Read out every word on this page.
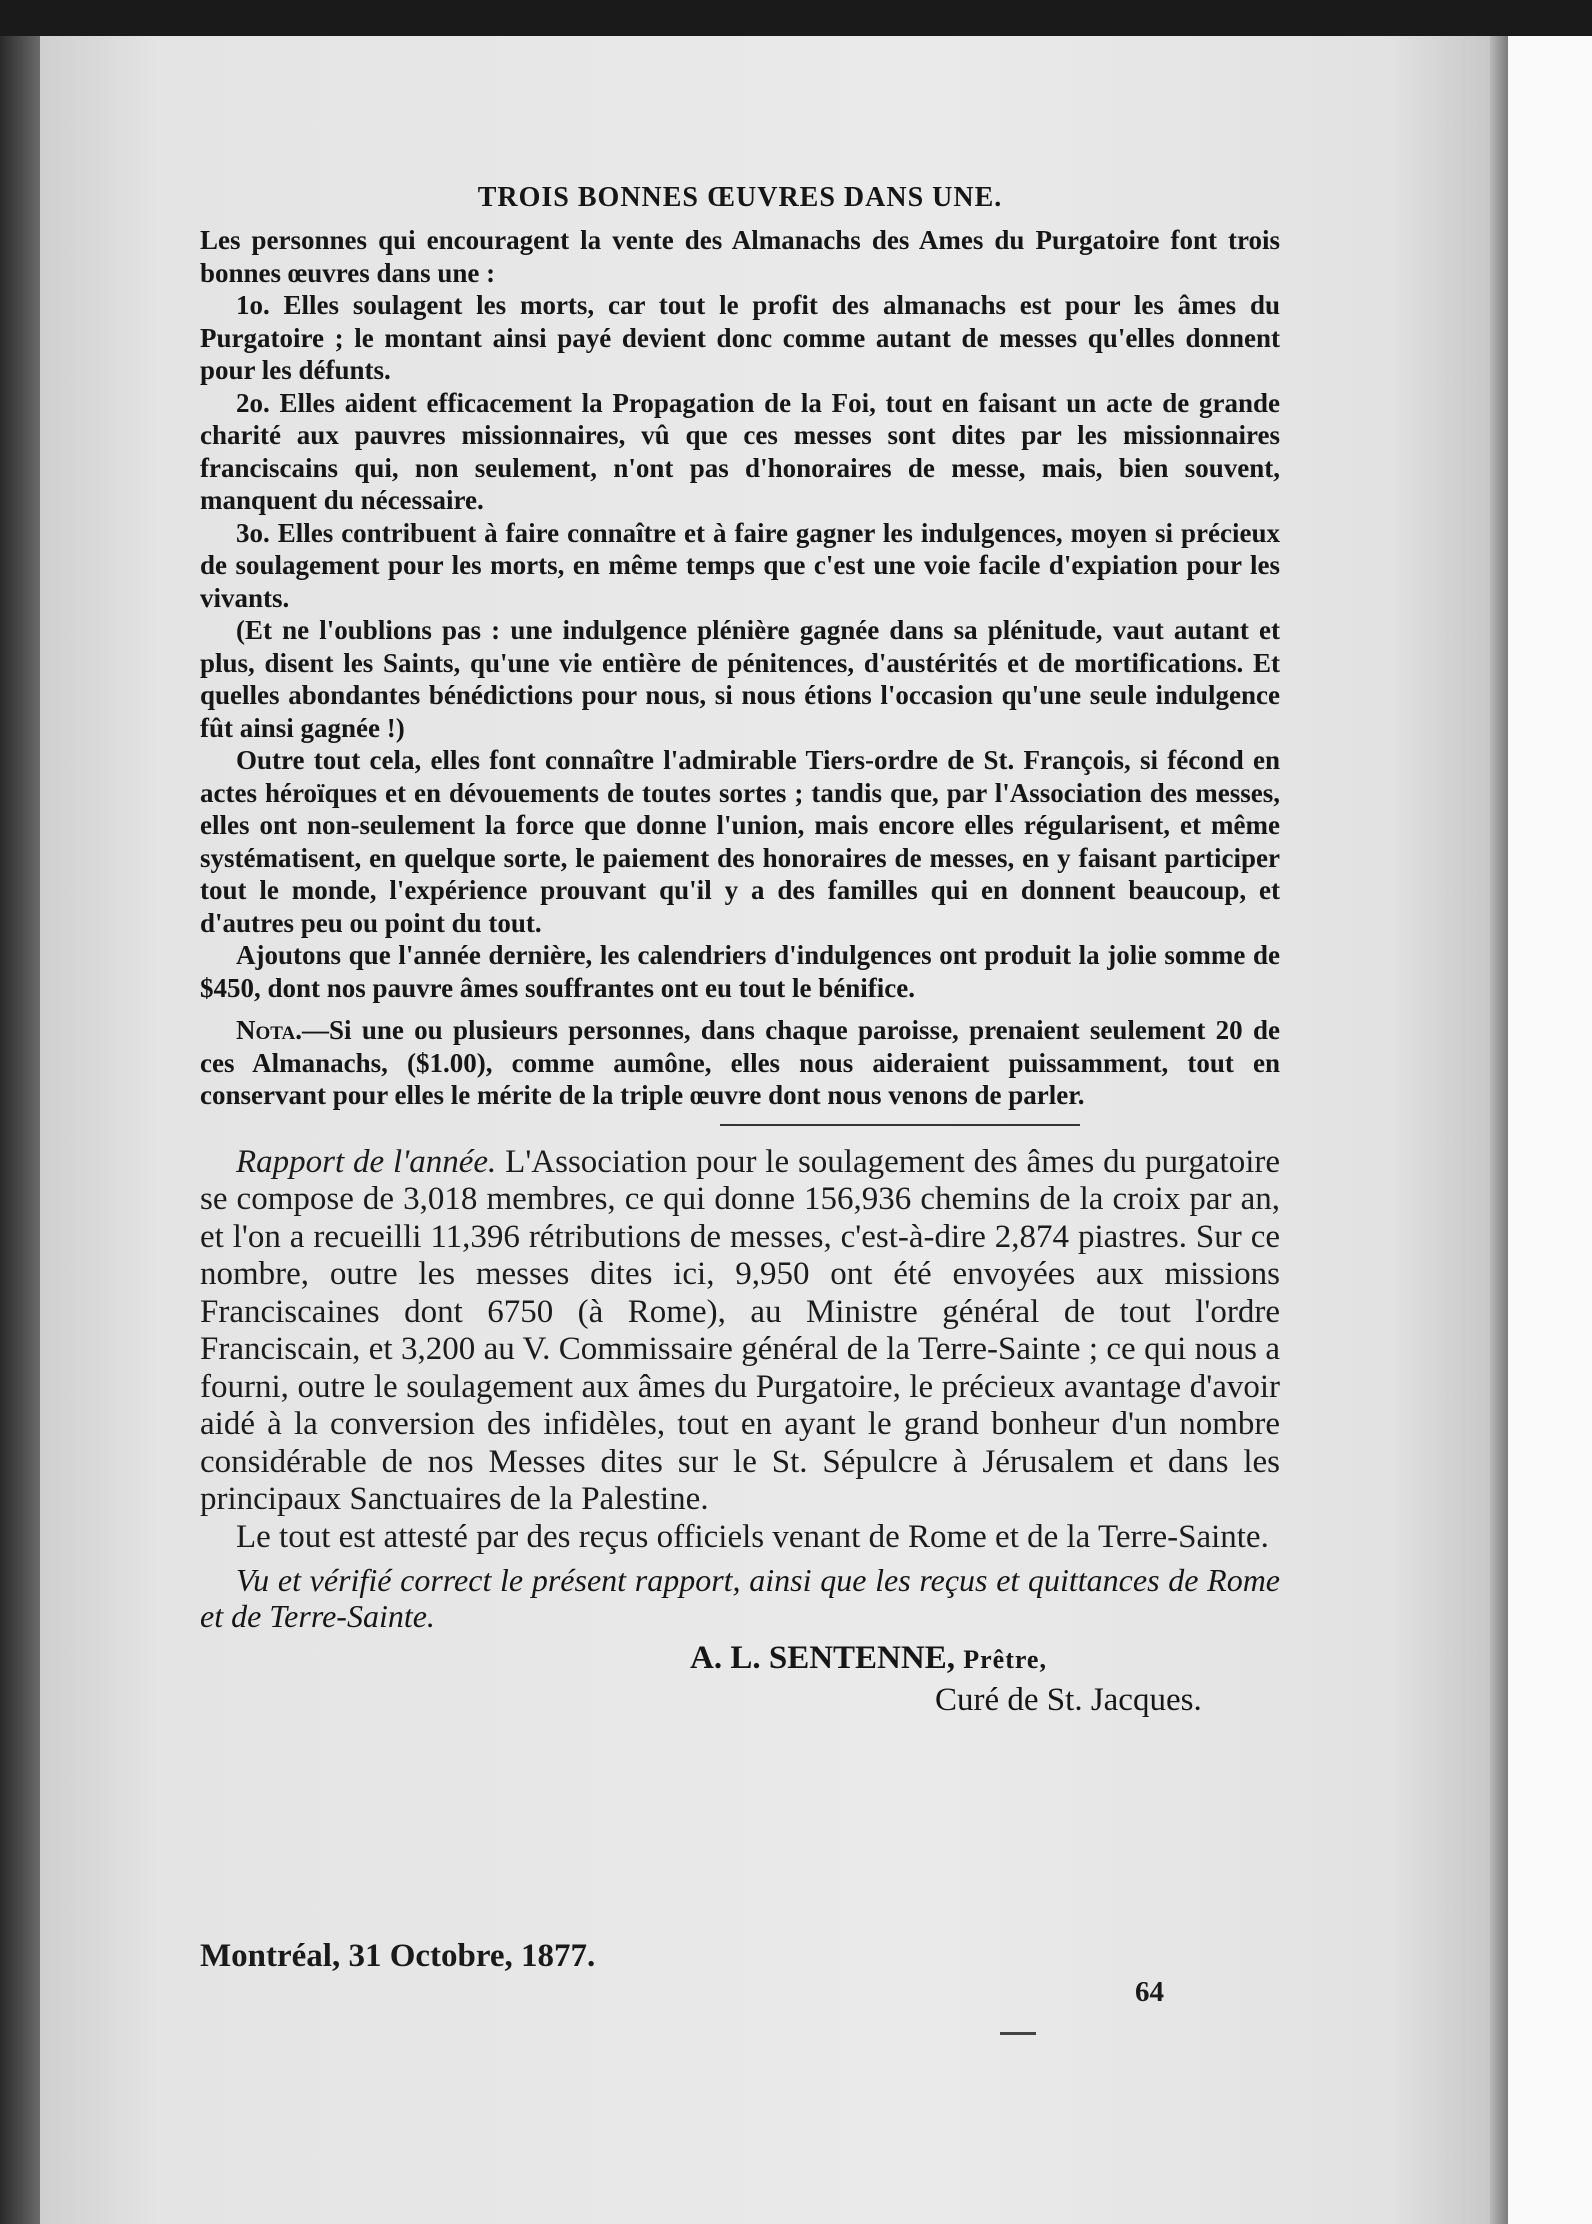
TROIS BONNES ŒUVRES DANS UNE.

Les personnes qui encouragent la vente des Almanachs des Ames du Purgatoire font trois bonnes œuvres dans une :

1o. Elles soulagent les morts, car tout le profit des almanachs est pour les âmes du Purgatoire ; le montant ainsi payé devient donc comme autant de messes qu'elles donnent pour les défunts.

2o. Elles aident efficacement la Propagation de la Foi, tout en faisant un acte de grande charité aux pauvres missionnaires, vû que ces messes sont dites par les missionnaires franciscains qui, non seulement, n'ont pas d'honoraires de messe, mais, bien souvent, manquent du nécessaire.

3o. Elles contribuent à faire connaître et à faire gagner les indulgences, moyen si précieux de soulagement pour les morts, en même temps que c'est une voie facile d'expiation pour les vivants.

(Et ne l'oublions pas : une indulgence plénière gagnée dans sa plénitude, vaut autant et plus, disent les Saints, qu'une vie entière de pénitences, d'austérités et de mortifications. Et quelles abondantes bénédictions pour nous, si nous étions l'occasion qu'une seule indulgence fût ainsi gagnée !)

Outre tout cela, elles font connaître l'admirable Tiers-ordre de St. François, si fécond en actes héroïques et en dévouements de toutes sortes ; tandis que, par l'Association des messes, elles ont non-seulement la force que donne l'union, mais encore elles régularisent, et même systématisent, en quelque sorte, le paiement des honoraires de messes, en y faisant participer tout le monde, l'expérience prouvant qu'il y a des familles qui en donnent beaucoup, et d'autres peu ou point du tout.

Ajoutons que l'année dernière, les calendriers d'indulgences ont produit la jolie somme de $450, dont nos pauvre âmes souffrantes ont eu tout le bénifice.

Nota.—Si une ou plusieurs personnes, dans chaque paroisse, prenaient seulement 20 de ces Almanachs, ($1.00), comme aumône, elles nous aideraient puissamment, tout en conservant pour elles le mérite de la triple œuvre dont nous venons de parler.

Rapport de l'année. L'Association pour le soulagement des âmes du purgatoire se compose de 3,018 membres, ce qui donne 156,936 chemins de la croix par an, et l'on a recueilli 11,396 rétributions de messes, c'est-à-dire 2,874 piastres. Sur ce nombre, outre les messes dites ici, 9,950 ont été envoyées aux missions Franciscaines dont 6750 (à Rome), au Ministre général de tout l'ordre Franciscain, et 3,200 au V. Commissaire général de la Terre-Sainte ; ce qui nous a fourni, outre le soulagement aux âmes du Purgatoire, le précieux avantage d'avoir aidé à la conversion des infidèles, tout en ayant le grand bonheur d'un nombre considérable de nos Messes dites sur le St. Sépulcre à Jérusalem et dans les principaux Sanctuaires de la Palestine.

Le tout est attesté par des reçus officiels venant de Rome et de la Terre-Sainte.

Vu et vérifié correct le présent rapport, ainsi que les reçus et quittances de Rome et de Terre-Sainte.

A. L. SENTENNE, Prêtre,

Curé de St. Jacques.

Montréal, 31 Octobre, 1877.
64
